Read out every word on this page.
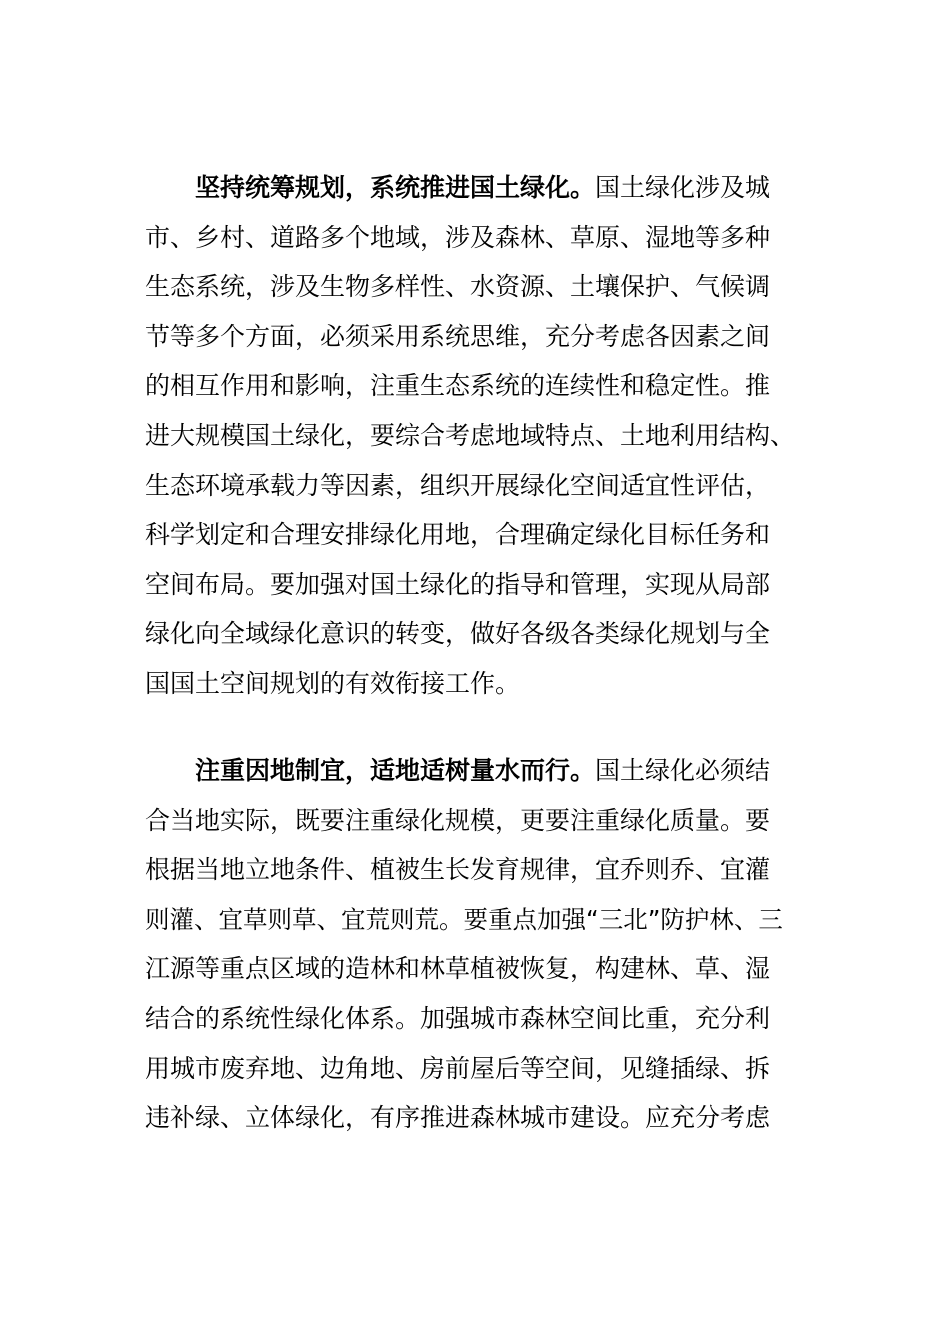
坚持统筹规划，系统推进国土绿化。国土绿化涉及城
市、乡村、道路多个地域，涉及森林、草原、湿地等多种
生态系统，涉及生物多样性、水资源、土壤保护、气候调
节等多个方面，必须采用系统思维，充分考虑各因素之间
的相互作用和影响，注重生态系统的连续性和稳定性。推
进大规模国土绿化，要综合考虑地域特点、土地利用结构、
生态环境承载力等因素，组织开展绿化空间适宜性评估，
科学划定和合理安排绿化用地，合理确定绿化目标任务和
空间布局。要加强对国土绿化的指导和管理，实现从局部
绿化向全域绿化意识的转变，做好各级各类绿化规划与全
国国土空间规划的有效衔接工作。

注重因地制宜，适地适树量水而行。国土绿化必须结
合当地实际，既要注重绿化规模，更要注重绿化质量。要
根据当地立地条件、植被生长发育规律，宜乔则乔、宜灌
则灌、宜草则草、宜荒则荒。要重点加强“三北”防护林、三
江源等重点区域的造林和林草植被恢复，构建林、草、湿
结合的系统性绿化体系。加强城市森林空间比重，充分利
用城市废弃地、边角地、房前屋后等空间，见缝插绿、拆
违补绿、立体绿化，有序推进森林城市建设。应充分考虑
